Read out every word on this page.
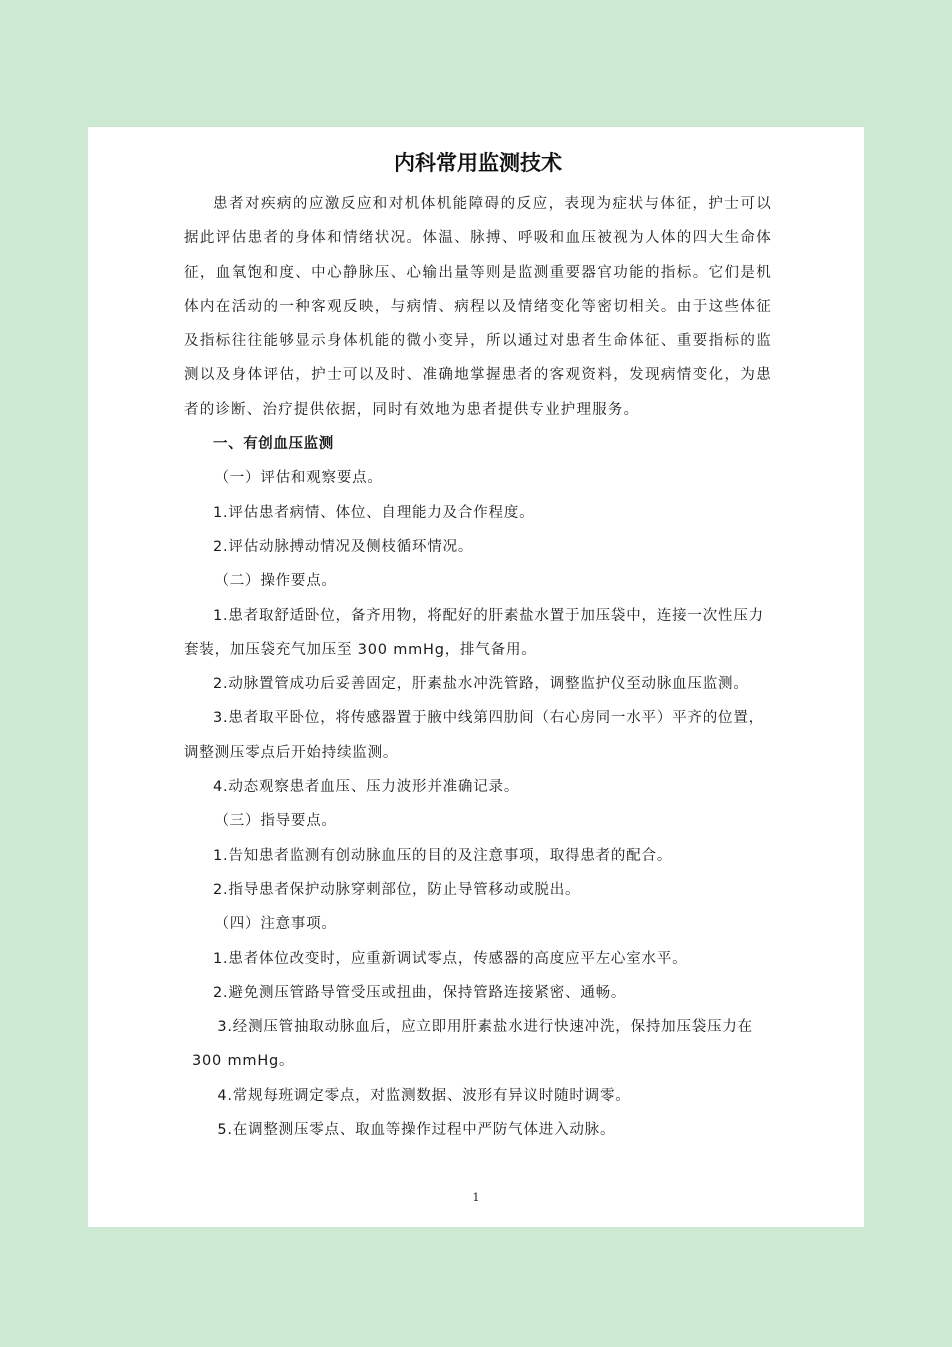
内科常用监测技术

患者对疾病的应激反应和对机体机能障碍的反应，表现为症状与体征，护士可以据此评估患者的身体和情绪状况。体温、脉搏、呼吸和血压被视为人体的四大生命体征，血氧饱和度、中心静脉压、心输出量等则是监测重要器官功能的指标。它们是机体内在活动的一种客观反映，与病情、病程以及情绪变化等密切相关。由于这些体征及指标往往能够显示身体机能的微小变异，所以通过对患者生命体征、重要指标的监测以及身体评估，护士可以及时、准确地掌握患者的客观资料，发现病情变化，为患者的诊断、治疗提供依据，同时有效地为患者提供专业护理服务。

一、有创血压监测

（一）评估和观察要点。

1.评估患者病情、体位、自理能力及合作程度。

2.评估动脉搏动情况及侧枝循环情况。

（二）操作要点。

1.患者取舒适卧位，备齐用物，将配好的肝素盐水置于加压袋中，连接一次性压力套装，加压袋充气加压至 300 mmHg，排气备用。

2.动脉置管成功后妥善固定，肝素盐水冲洗管路，调整监护仪至动脉血压监测。

3.患者取平卧位，将传感器置于腋中线第四肋间（右心房同一水平）平齐的位置，调整测压零点后开始持续监测。

4.动态观察患者血压、压力波形并准确记录。

（三）指导要点。

1.告知患者监测有创动脉血压的目的及注意事项，取得患者的配合。

2.指导患者保护动脉穿刺部位，防止导管移动或脱出。

（四）注意事项。

1.患者体位改变时，应重新调试零点，传感器的高度应平左心室水平。

2.避免测压管路导管受压或扭曲，保持管路连接紧密、通畅。

3.经测压管抽取动脉血后，应立即用肝素盐水进行快速冲洗，保持加压袋压力在

300 mmHg。

4.常规每班调定零点，对监测数据、波形有异议时随时调零。

5.在调整测压零点、取血等操作过程中严防气体进入动脉。

1
